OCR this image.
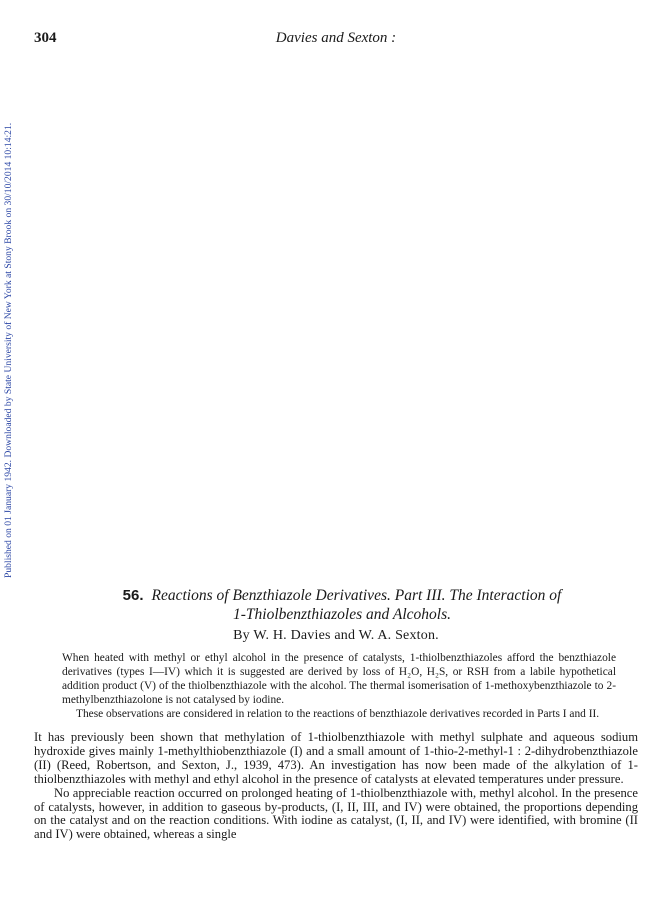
304	Davies and Sexton :
Published on 01 January 1942. Downloaded by State University of New York at Stony Brook on 30/10/2014 10:14:21.
56. Reactions of Benzthiazole Derivatives. Part III. The Interaction of
1-Thiolbenzthiazoles and Alcohols.
By W. H. Davies and W. A. Sexton.

When heated with methyl or ethyl alcohol in the presence of catalysts, 1-thiolbenzthiazoles afford the benzthiazole derivatives (types I—IV) which it is suggested are derived by loss of H₂O, H₂S, or RSH from a labile hypothetical addition product (V) of the thiolbenzthiazole with the alcohol. The thermal isomerisation of 1-methoxybenzthiazole to 2-methylbenzthiazolone is not catalysed by iodine.

These observations are considered in relation to the reactions of benzthiazole derivatives recorded in Parts I and II.

It has previously been shown that methylation of 1-thiolbenzthiazole with methyl sulphate and aqueous sodium hydroxide gives mainly 1-methylthiobenzthiazole (I) and a small amount of 1-thio-2-methyl-1 : 2-dihydrobenzthiazole (II) (Reed, Robertson, and Sexton, J., 1939, 473). An investigation has now been made of the alkylation of 1-thiolbenzthiazoles with methyl and ethyl alcohol in the presence of catalysts at elevated temperatures under pressure.

No appreciable reaction occurred on prolonged heating of 1-thiolbenzthiazole with, methyl alcohol. In the presence of catalysts, however, in addition to gaseous by-products, (I, II, III, and IV) were obtained, the proportions depending on the catalyst and on the reaction conditions. With iodine as catalyst, (I, II, and IV) were identified, with bromine (II and IV) were obtained, whereas a single
